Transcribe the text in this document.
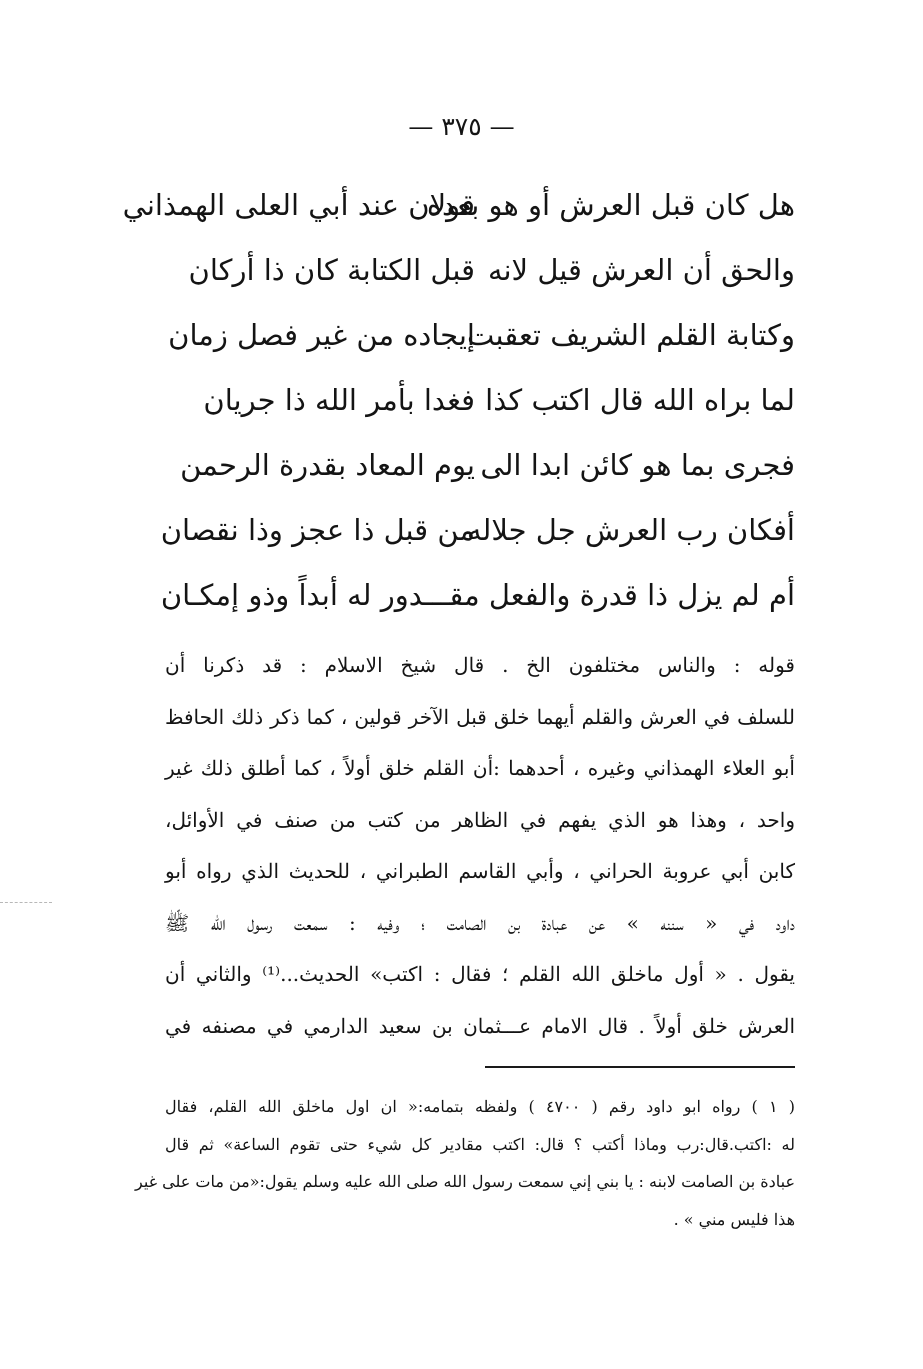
— ٣٧٥ —
هل كان قبل العرش أو هو بعده
قولان عند أبي العلى الهمذاني
والحق أن العرش قيل لانه
قبل الكتابة كان ذا أركان
وكتابة القلم الشريف تعقبت
إيجاده من غير فصل زمان
لما براه الله قال اكتب كذا
فغدا بأمر الله ذا جريان
فجرى بما هو كائن ابدا الى
يوم المعاد بقدرة الرحمن
أفكان رب العرش جل جلاله
من قبل ذا عجز وذا نقصان
أم لم يزل ذا قدرة والفعل مقـــدور له أبداً وذو إمكـان
قوله : والناس مختلفون الخ . قال شيخ الاسلام : قد ذكرنا أن
للسلف في العرش والقلم أيهما خلق قبل الآخر قولين ، كما ذكر ذلك الحافظ
أبو العلاء الهمذاني وغيره ، أحدهما :أن القلم خلق أولاً ، كما أطلق ذلك غير
واحد ، وهذا هو الذي يفهم في الظاهر من كتب من صنف في الأوائل،
كابن أبي عروبة الحراني ، وأبي القاسم الطبراني ، للحديث الذي رواه أبو
داود في « سننه » عن عبادة بن الصامت ؛ وفيه : سمعت رسول الله ﷺ
يقول . « أول ماخلق الله القلم ؛ فقال : اكتب» الحديث...⁽¹⁾ والثاني أن
العرش خلق أولاً . قال الامام عـــثمان بن سعيد الدارمي في مصنفه في
( ١ ) رواه ابو داود رقم ( ٤٧٠٠ ) ولفظه بتمامه:« ان اول ماخلق الله القلم، فقال
له :اكتب.قال:رب وماذا أكتب ؟ قال: اكتب مقادير كل شيء حتى تقوم الساعة» ثم قال
عبادة بن الصامت لابنه : يا بني إني سمعت رسول الله صلى الله عليه وسلم يقول:«من مات على غير
هذا فليس مني » .
